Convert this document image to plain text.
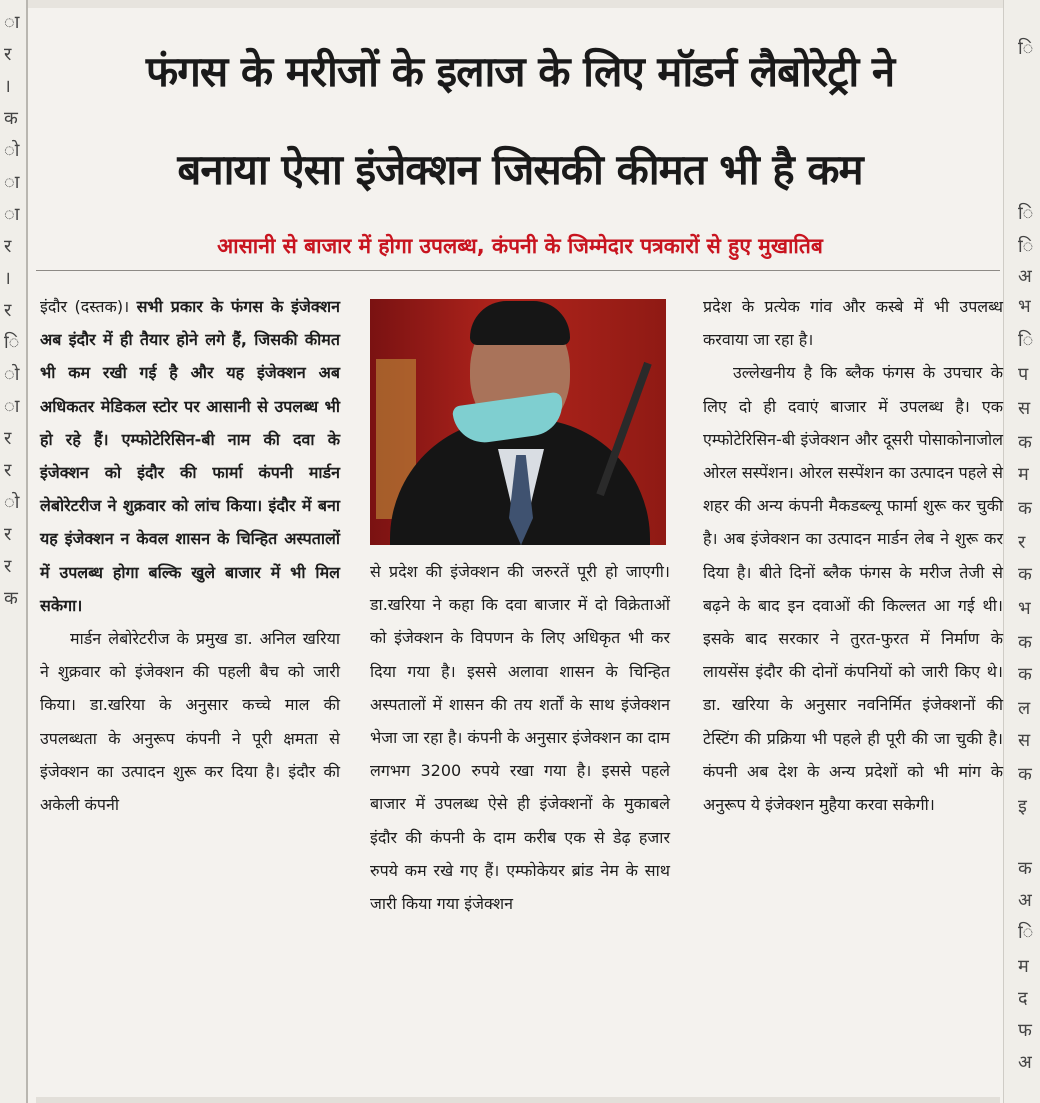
ा
र
।
क
ो
ा
ा
र
।
र
ि
ो
ा
र
र
ो
र
र
क
ि
ि
ि
अ
भ
ि
प
स
क
म
क
र
क
भ
क
क
ल
स
क
इ
क
अ
ि
म
द
फ
अ
फंगस के मरीजों के इलाज के लिए मॉडर्न लैबोरेट्री ने
बनाया ऐसा इंजेक्शन जिसकी कीमत भी है कम
आसानी से बाजार में होगा उपलब्ध, कंपनी के जिम्मेदार पत्रकारों से हुए मुखातिब

इंदौर (दस्तक)। सभी प्रकार के फंगस के इंजेक्शन अब इंदौर में ही तैयार होने लगे हैं, जिसकी कीमत भी कम रखी गई है और यह इंजेक्शन अब अधिकतर मेडिकल स्टोर पर आसानी से उपलब्ध भी हो रहे हैं। एम्फोटेरिसिन-बी नाम की दवा के इंजेक्शन को इंदौर की फार्मा कंपनी मार्डन लेबोरेटरीज ने शुक्रवार को लांच किया। इंदौर में बना यह इंजेक्शन न केवल शासन के चिन्हित अस्पतालों में उपलब्ध होगा बल्कि खुले बाजार में भी मिल सकेगा।

मार्डन लेबोरेटरीज के प्रमुख डा. अनिल खरिया ने शुक्रवार को इंजेक्शन की पहली बैच को जारी किया। डा.खरिया के अनुसार कच्चे माल की उपलब्धता के अनुरूप कंपनी ने पूरी क्षमता से इंजेक्शन का उत्पादन शुरू कर दिया है। इंदौर की अकेली कंपनी

से प्रदेश की इंजेक्शन की जरुरतें पूरी हो जाएगी। डा.खरिया ने कहा कि दवा बाजार में दो विक्रेताओं को इंजेक्शन के विपणन के लिए अधिकृत भी कर दिया गया है। इससे अलावा शासन के चिन्हित अस्पतालों में शासन की तय शर्तों के साथ इंजेक्शन भेजा जा रहा है। कंपनी के अनुसार इंजेक्शन का दाम लगभग 3200 रुपये रखा गया है। इससे पहले बाजार में उपलब्ध ऐसे ही इंजेक्शनों के मुकाबले इंदौर की कंपनी के दाम करीब एक से डेढ़ हजार रुपये कम रखे गए हैं। एम्फोकेयर ब्रांड नेम के साथ जारी किया गया इंजेक्शन

प्रदेश के प्रत्येक गांव और कस्बे में भी उपलब्ध करवाया जा रहा है।

उल्लेखनीय है कि ब्लैक फंगस के उपचार के लिए दो ही दवाएं बाजार में उपलब्ध है। एक एम्फोटेरिसिन-बी इंजेक्शन और दूसरी पोसाकोनाजोल ओरल सस्पेंशन। ओरल सस्पेंशन का उत्पादन पहले से शहर की अन्य कंपनी मैकडब्ल्यू फार्मा शुरू कर चुकी है। अब इंजेक्शन का उत्पादन मार्डन लेब ने शुरू कर दिया है। बीते दिनों ब्लैक फंगस के मरीज तेजी से बढ़ने के बाद इन दवाओं की किल्लत आ गई थी। इसके बाद सरकार ने तुरत-फुरत में निर्माण के लायसेंस इंदौर की दोनों कंपनियों को जारी किए थे। डा. खरिया के अनुसार नवनिर्मित इंजेक्शनों की टेस्टिंग की प्रक्रिया भी पहले ही पूरी की जा चुकी है। कंपनी अब देश के अन्य प्रदेशों को भी मांग के अनुरूप ये इंजेक्शन मुहैया करवा सकेगी।
